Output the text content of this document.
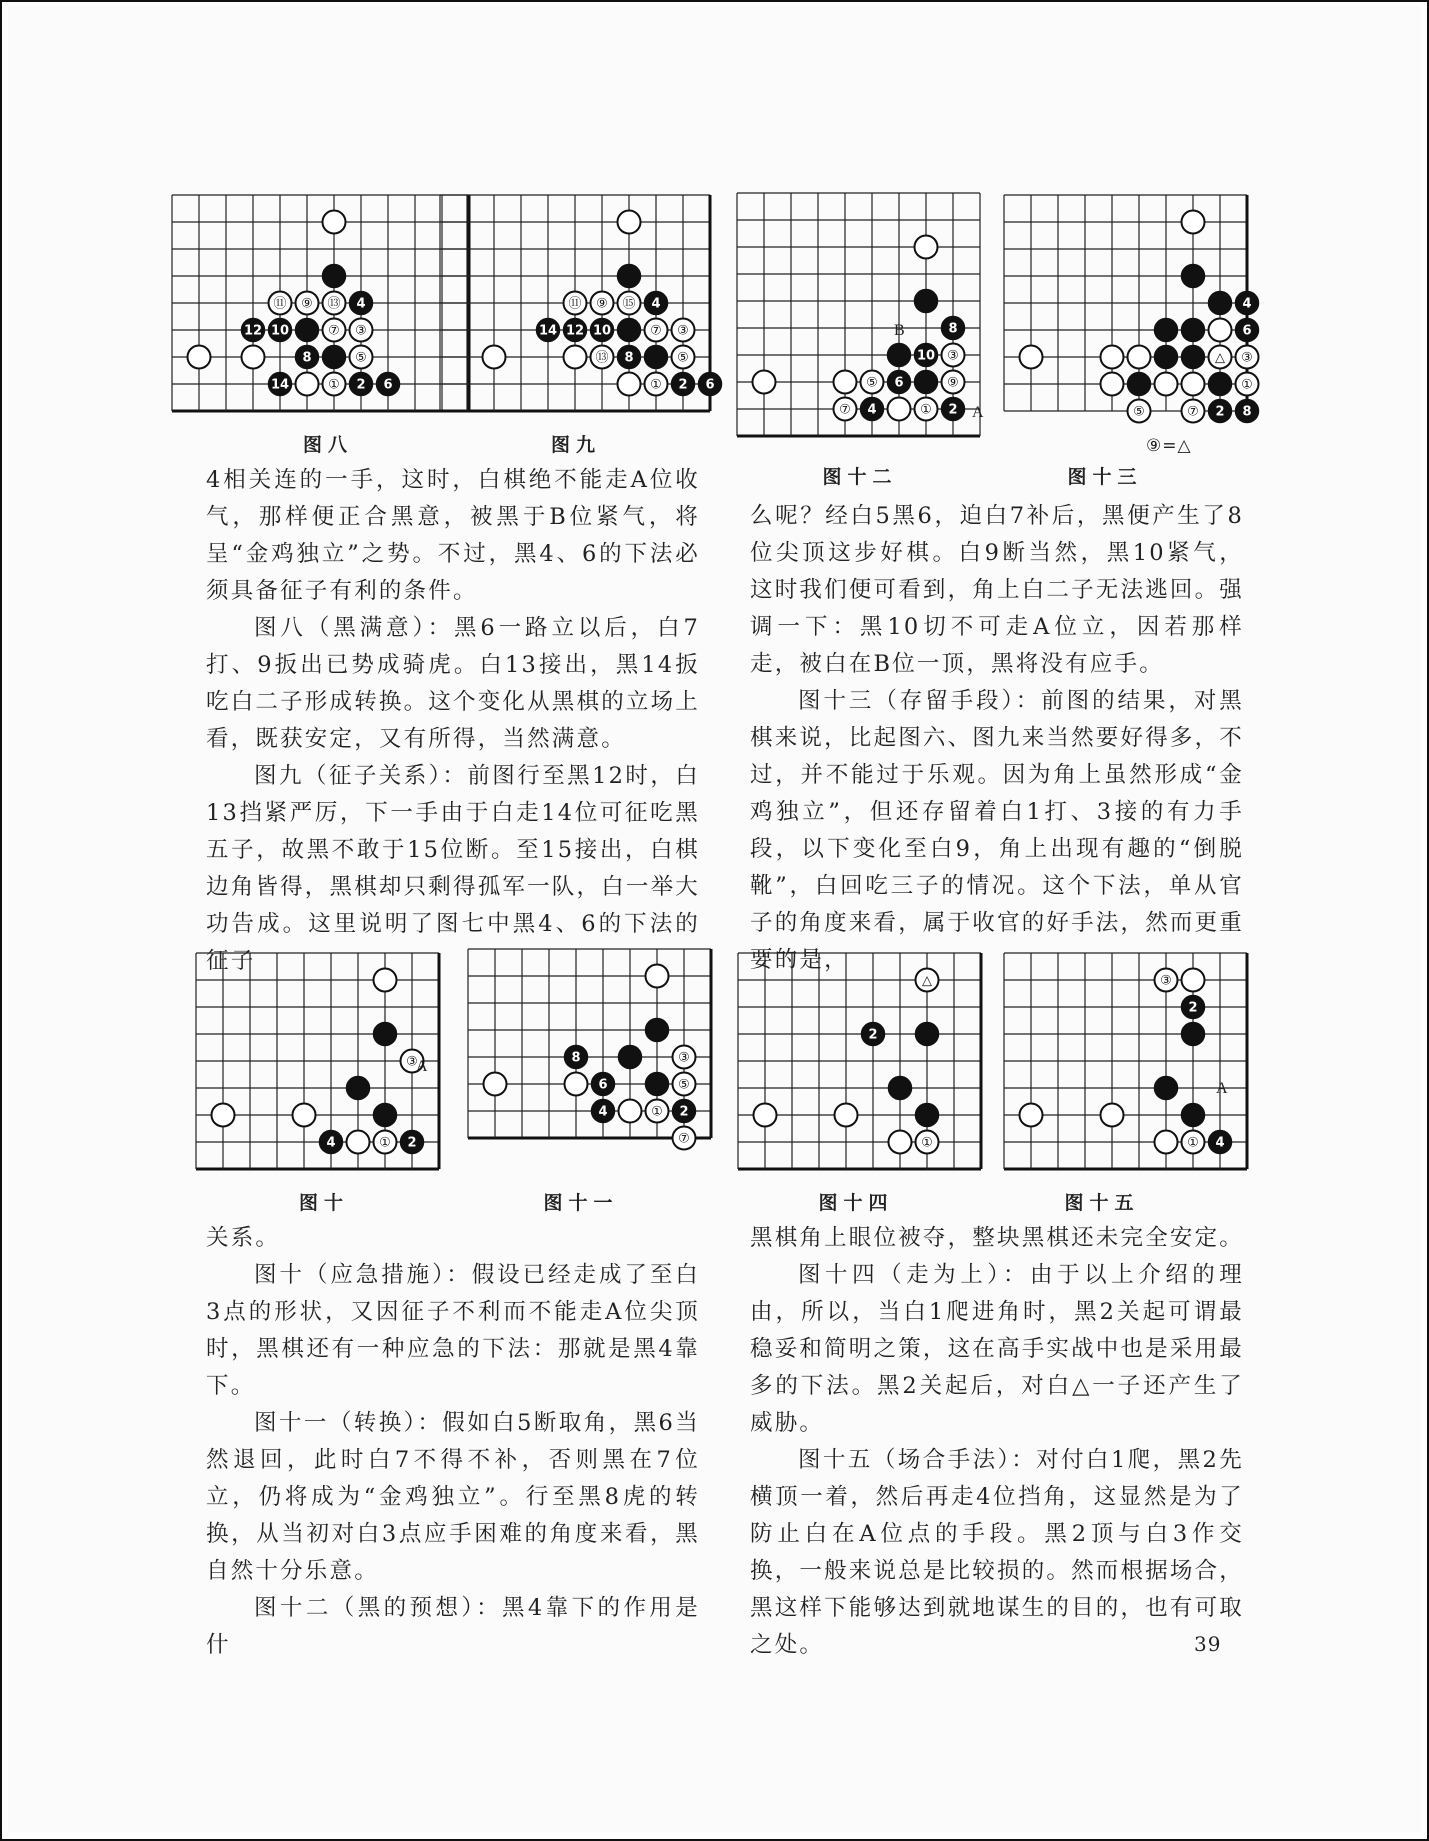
⑪ ⑨ ⑬ 4
12 10	⑦ ③
8	⑤
14	① 2 6
⑪ ⑨ ⑮ 4
14 12 10	⑦ ③
⑬ 8	⑤
① 2 6
8
10 ③
⑤ 6	⑨
⑦ 4	① 2
4
6
△ ③
①
⑤	⑦ 2 8
图八	图九
图十二	图十三
B
A
⑨=△

4相关连的一手，这时，白棋绝不能走A位收气，那样便正合黑意，被黑于B位紧气，将呈“金鸡独立”之势。不过，黑4、6的下法必须具备征子有利的条件。

图八（黑满意）：黑6一路立以后，白7打、9扳出已势成骑虎。白13接出，黑14扳吃白二子形成转换。这个变化从黑棋的立场上看，既获安定，又有所得，当然满意。

图九（征子关系）：前图行至黑12时，白13挡紧严厉，下一手由于白走14位可征吃黑五子，故黑不敢于15位断。至15接出，白棋边角皆得，黑棋却只剩得孤军一队，白一举大功告成。这里说明了图七中黑4、6的下法的征子

么呢？经白5黑6，迫白7补后，黑便产生了8位尖顶这步好棋。白9断当然，黑10紧气，这时我们便可看到，角上白二子无法逃回。强调一下：黑10切不可走A位立，因若那样走，被白在B位一顶，黑将没有应手。

图十三（存留手段）：前图的结果，对黑棋来说，比起图六、图九来当然要好得多，不过，并不能过于乐观。因为角上虽然形成“金鸡独立”，但还存留着白1打、3接的有力手段，以下变化至白9，角上出现有趣的“倒脱靴”，白回吃三子的情况。这个下法，单从官子的角度来看，属于收官的好手法，然而更重要的是，

③
4	① 2
8	③
6	⑤
4	① 2
⑦
△
2
①
③
2
① 4
A
A
图十	图十一	图十四	图十五

关系。

图十（应急措施）：假设已经走成了至白3点的形状，又因征子不利而不能走A位尖顶时，黑棋还有一种应急的下法：那就是黑4靠下。

图十一（转换）：假如白5断取角，黑6当然退回，此时白7不得不补，否则黑在7位立，仍将成为“金鸡独立”。行至黑8虎的转换，从当初对白3点应手困难的角度来看，黑自然十分乐意。

图十二（黑的预想）：黑4靠下的作用是什

黑棋角上眼位被夺，整块黑棋还未完全安定。

图十四（走为上）：由于以上介绍的理由，所以，当白1爬进角时，黑2关起可谓最稳妥和简明之策，这在高手实战中也是采用最多的下法。黑2关起后，对白△一子还产生了威胁。

图十五（场合手法）：对付白1爬，黑2先横顶一着，然后再走4位挡角，这显然是为了防止白在A位点的手段。黑2顶与白3作交换，一般来说总是比较损的。然而根据场合，黑这样下能够达到就地谋生的目的，也有可取之处。	39
